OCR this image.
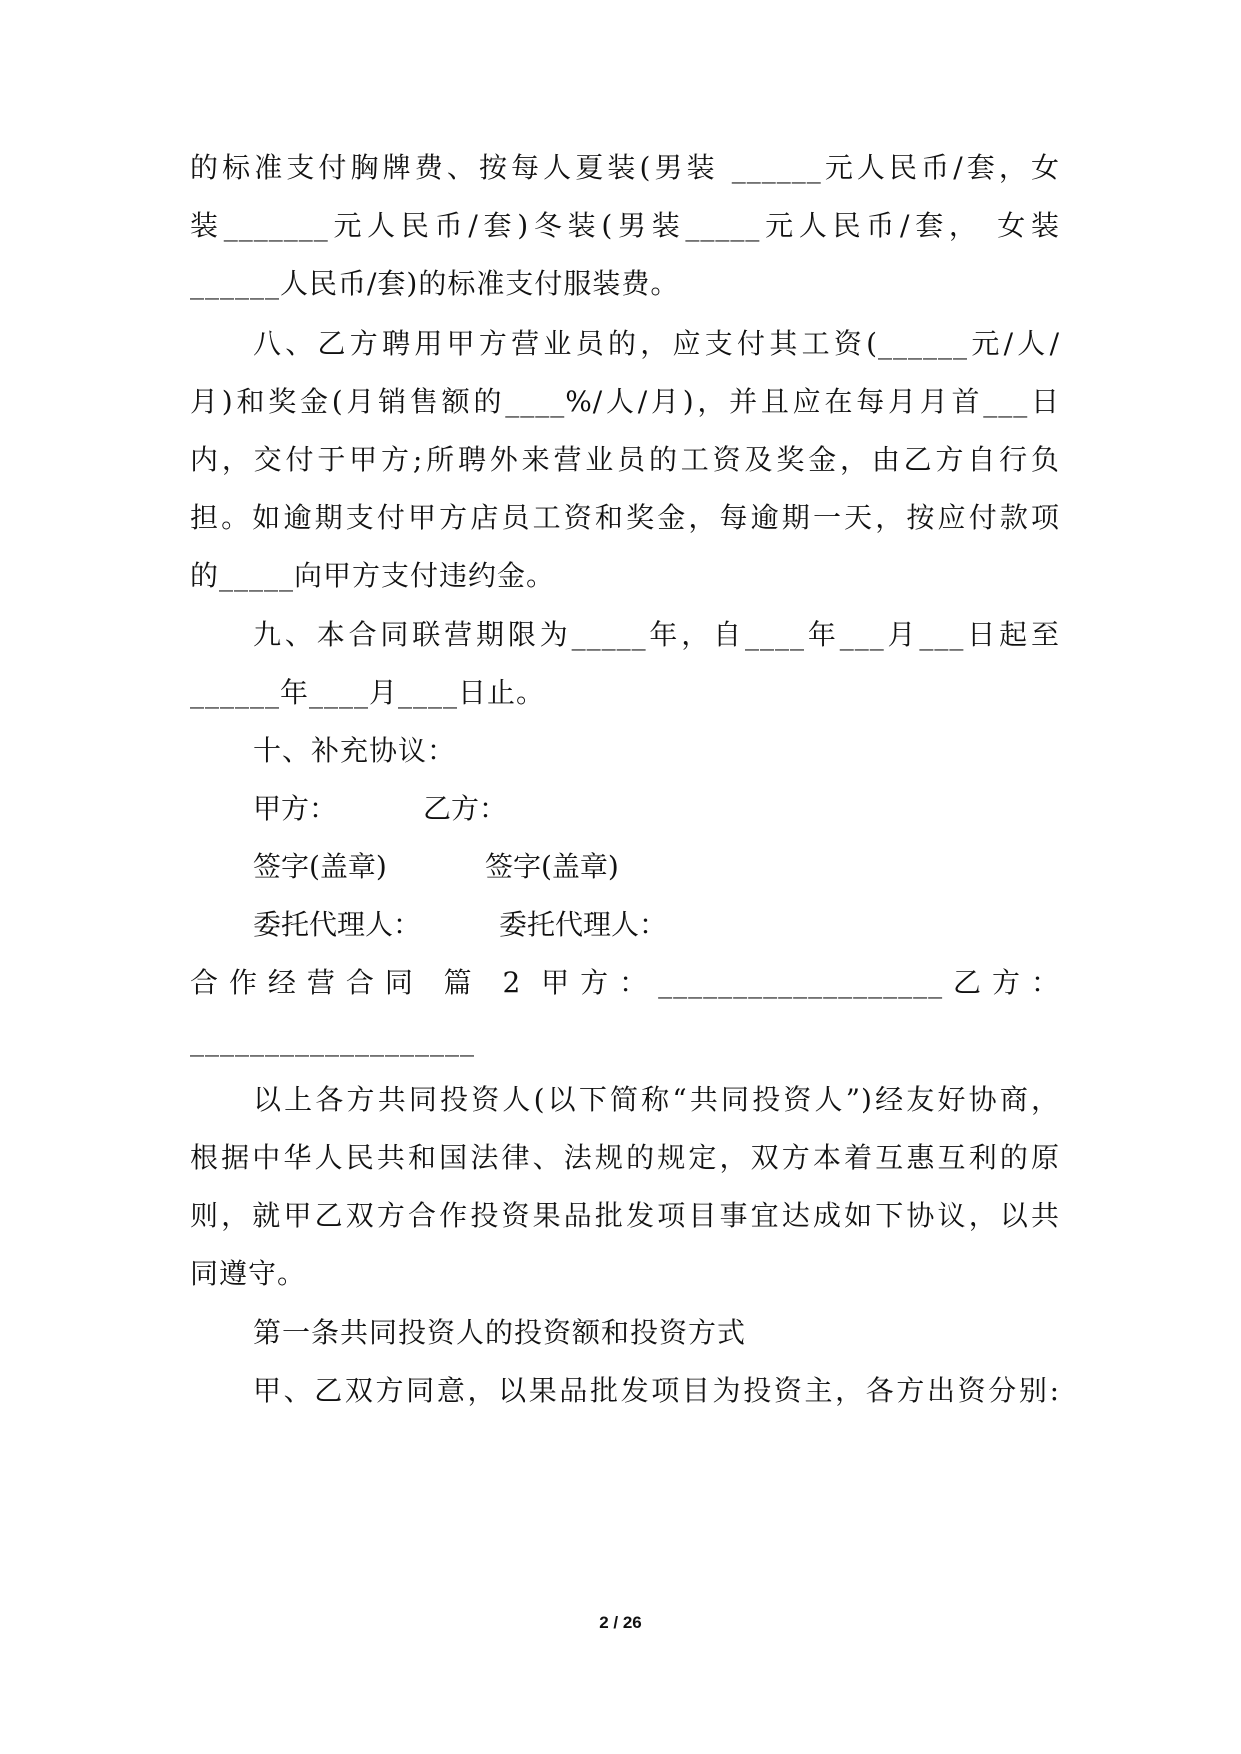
的标准支付胸牌费、按每人夏装(男装 ______元人民币/套，女
装_______元人民币/套)冬装(男装_____元人民币/套， 女装
______人民币/套)的标准支付服装费。
八、乙方聘用甲方营业员的，应支付其工资(______元/人/
月)和奖金(月销售额的____%/人/月)，并且应在每月月首___日
内，交付于甲方;所聘外来营业员的工资及奖金，由乙方自行负
担。如逾期支付甲方店员工资和奖金，每逾期一天，按应付款项
的_____向甲方支付违约金。
九、本合同联营期限为_____年，自____年___月___日起至
______年____月____日止。
十、补充协议：
甲方：	乙方：
签字(盖章)	签字(盖章)
委托代理人：	委托代理人：
合作经营合同 篇 2 甲方：___________________乙方：
___________________
以上各方共同投资人(以下简称“共同投资人”)经友好协商，
根据中华人民共和国法律、法规的规定，双方本着互惠互利的原
则，就甲乙双方合作投资果品批发项目事宜达成如下协议，以共
同遵守。
第一条共同投资人的投资额和投资方式
甲、乙双方同意，以果品批发项目为投资主，各方出资分别:
2 / 26
